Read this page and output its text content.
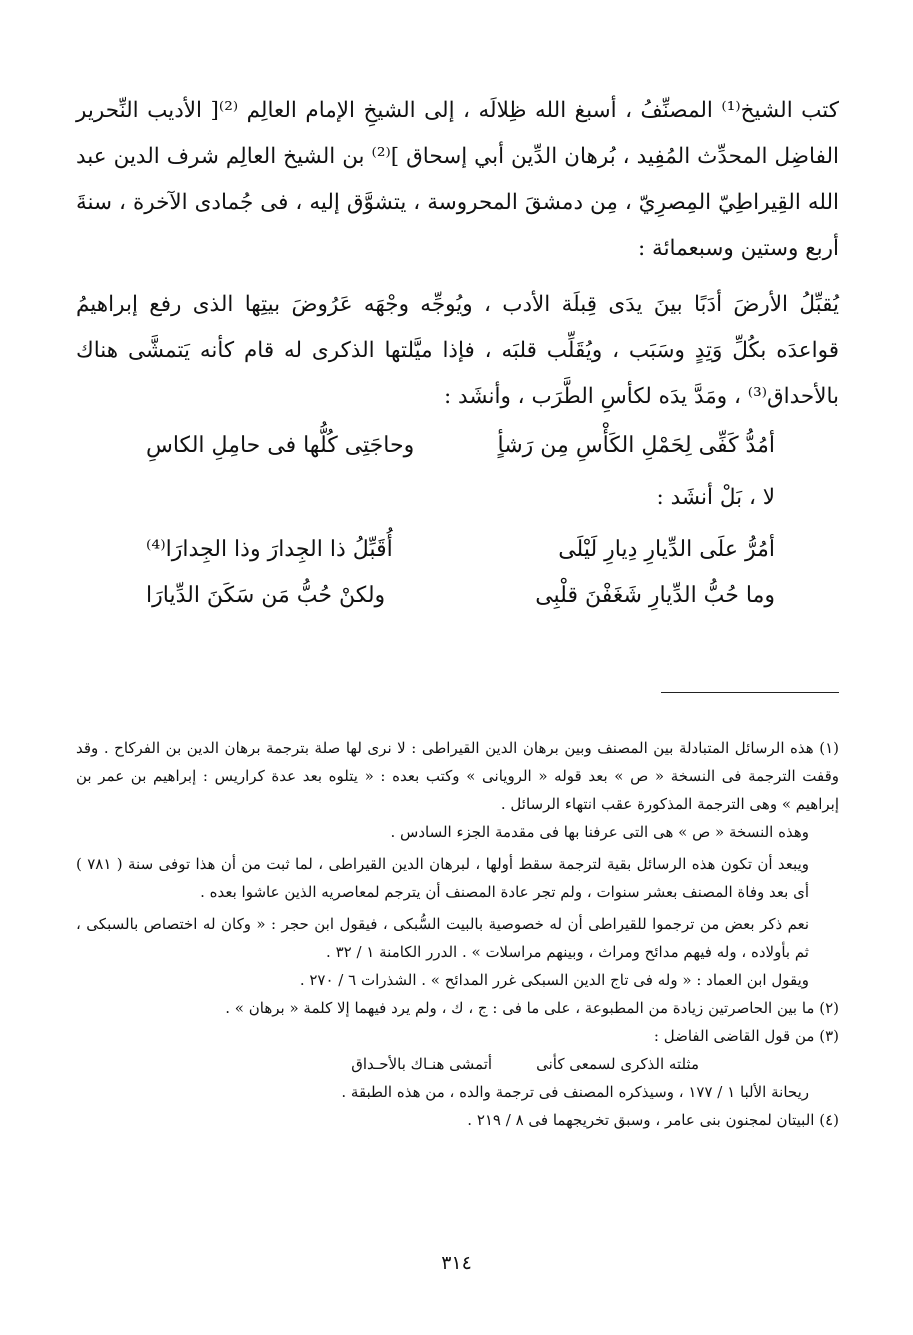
كتب الشيخ⁽¹⁾ المصنِّفُ ، أسبغ الله ظِلالَه ، إلى الشيخِ الإمام العالِم ⁽²⁾[ الأديب النِّحرير الفاضِل المحدِّث المُفِيد ، بُرهان الدِّين أبي إسحاق ]⁽²⁾ بن الشيخ العالِم شرف الدين عبد الله القِيراطِيّ المِصرِيّ ، مِن دمشقَ المحروسة ، يتشوَّق إليه ، فى جُمادى الآخرة ، سنةَ أربع وستين وسبعمائة :

يُقبِّلُ الأرضَ أدَبًا بينَ يدَى قِبلَة الأدب ، ويُوجِّه وجْهَه عَرُوضَ بيتِها الذى رفع إبراهيمُ قواعدَه بكُلِّ وَتِدٍ وسَبَب ، ويُقَلِّب قلبَه ، فإذا ميَّلتها الذكرى له قام كأنه يَتمشَّى هناك بالأحداق⁽³⁾ ، ومَدَّ يدَه لكأسِ الطَّرَب ، وأنشَد :

أمُدُّ كَفِّى لِحَمْلِ الكَأْسِ مِن رَشأٍ
وحاجَتِى كُلُّها فى حامِلِ الكاسِ
لا ، بَلْ أنشَد :
أمُرُّ علَى الدِّيارِ دِيارِ لَيْلَى
أُقَبِّلُ ذا الجِدارَ وذا الجِدارَا⁽⁴⁾
وما حُبُّ الدِّيارِ شَغَفْنَ قلْبِى
ولكنْ حُبُّ مَن سَكَنَ الدِّيارَا

(١) هذه الرسائل المتبادلة بين المصنف وبين برهان الدين القيراطى : لا نرى لها صلة بترجمة برهان الدين بن الفركاح . وقد وقفت الترجمة فى النسخة « ص » بعد قوله « الرويانى » وكتب بعده : « يتلوه بعد عدة كراريس : إبراهيم بن عمر بن إبراهيم » وهى الترجمة المذكورة عقب انتهاء الرسائل .

وهذه النسخة « ص » هى التى عرفنا بها فى مقدمة الجزء السادس .

ويبعد أن تكون هذه الرسائل بقية لترجمة سقط أولها ، لبرهان الدين القيراطى ، لما ثبت من أن هذا توفى سنة ( ٧٨١ ) أى بعد وفاة المصنف بعشر سنوات ، ولم تجر عادة المصنف أن يترجم لمعاصريه الذين عاشوا بعده .

نعم ذكر بعض من ترجموا للقيراطى أن له خصوصية بالبيت السُّبكى ، فيقول ابن حجر : « وكان له اختصاص بالسبكى ، ثم بأولاده ، وله فيهم مدائح ومراث ، وبينهم مراسلات » . الدرر الكامنة ١ / ٣٢ .

ويقول ابن العماد : « وله فى تاج الدين السبكى غرر المدائح » . الشذرات ٦ / ٢٧٠ .

(٢) ما بين الحاصرتين زيادة من المطبوعة ، على ما فى : ج ، ك ، ولم يرد فيهما إلا كلمة « برهان » .

(٣) من قول القاضى الفاضل :

مثلته الذكرى لسمعى كأنى
أتمشى هنـاك بالأحـداق

ريحانة الألبا ١ / ١٧٧ ، وسيذكره المصنف فى ترجمة والده ، من هذه الطبقة .

(٤) البيتان لمجنون بنى عامر ، وسبق تخريجهما فى ٨ / ٢١٩ .

٣١٤
